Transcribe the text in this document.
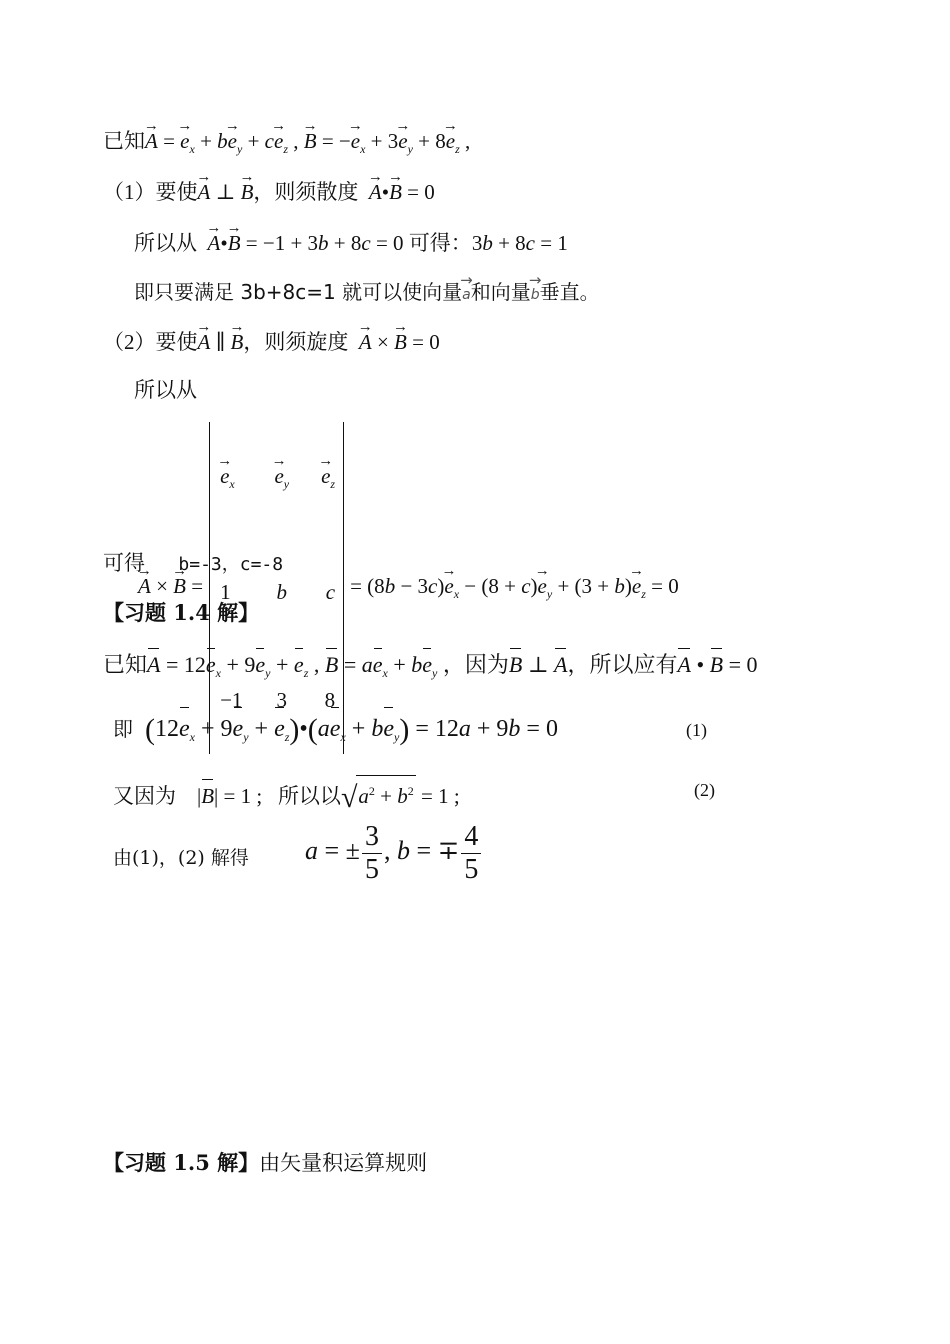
已知→ A = → $e_x + b\to e_y + c\to e_z$ , → B = −→ $e_x + 3\to e_y + 8\to e_z$ ,
（1）要使→ A ⊥ → B，则须散度 → A•→ B = 0
所以从 → A•→ B = −1 + 3b + 8c = 0 可得：3b + 8c = 1
即只要满足 3b+8c=1 就可以使向量→ a和向量→ b垂直。
（2）要使→ A ∥ → B，则须旋度 → A × → B = 0
所以从
→ A × → B =
→ $e_x$	→ $e_y$	→ $e_z$
1	b	c
−1	3	8
= $(8b - 3c)\to e_x - (8 + c)\to e_y + (3 + b)\to e_z = 0$
可得 b=-3，c=-8
【习题 1.4 解】
已知$A = 12e_x + 9e_y + e_z$ , $B = ae_x + be_y$ ，因为B ⊥ A，所以应有A • B = 0
即 ($12e_x + 9e_y$ + $e_z)•(ae_x + be_y) = 12a + 9b = 0$	(1)
又因为    |B| = 1 ;   所以以$√a^2 + b^2 = 1$ ;	(2)
由(1)，(2) 解得 a = ± $\frac{3}{5}$ , b = ∓ $\frac{4}{5}$
【习题 1.5 解】由矢量积运算规则
